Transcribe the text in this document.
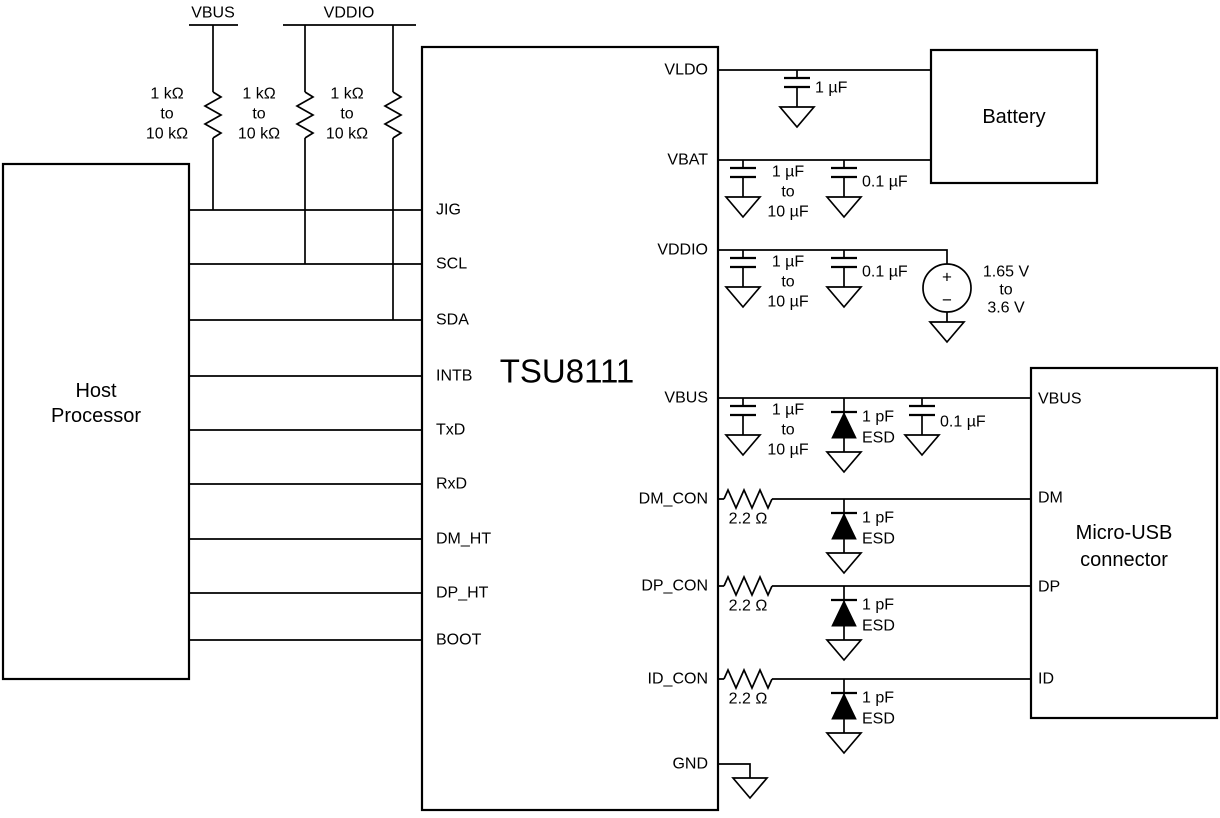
VBUS
1 kΩ
to
10 kΩ
VDDIO
1 kΩ
to
10 kΩ
1 kΩ
to
10 kΩ
Host
Processor
TSU8111
JIG
SCL
SDA
INTB
TxD
RxD
DM_HT
DP_HT
BOOT
VLDO
VBAT
VDDIO
VBUS
DM_CON
DP_CON
ID_CON
GND
Battery
Micro-USB
connector
VBUS
DM
DP
ID
1 µF
1 µF
to
10 µF
0.1 µF
1 µF
to
10 µF
0.1 µF +
−
1.65 V
to
3.6 V
1 µF
to
10 µF
1 pF
ESD
0.1 µF
2.2 Ω	1 pF
ESD
2.2 Ω	1 pF
ESD
2.2 Ω	1 pF
ESD
